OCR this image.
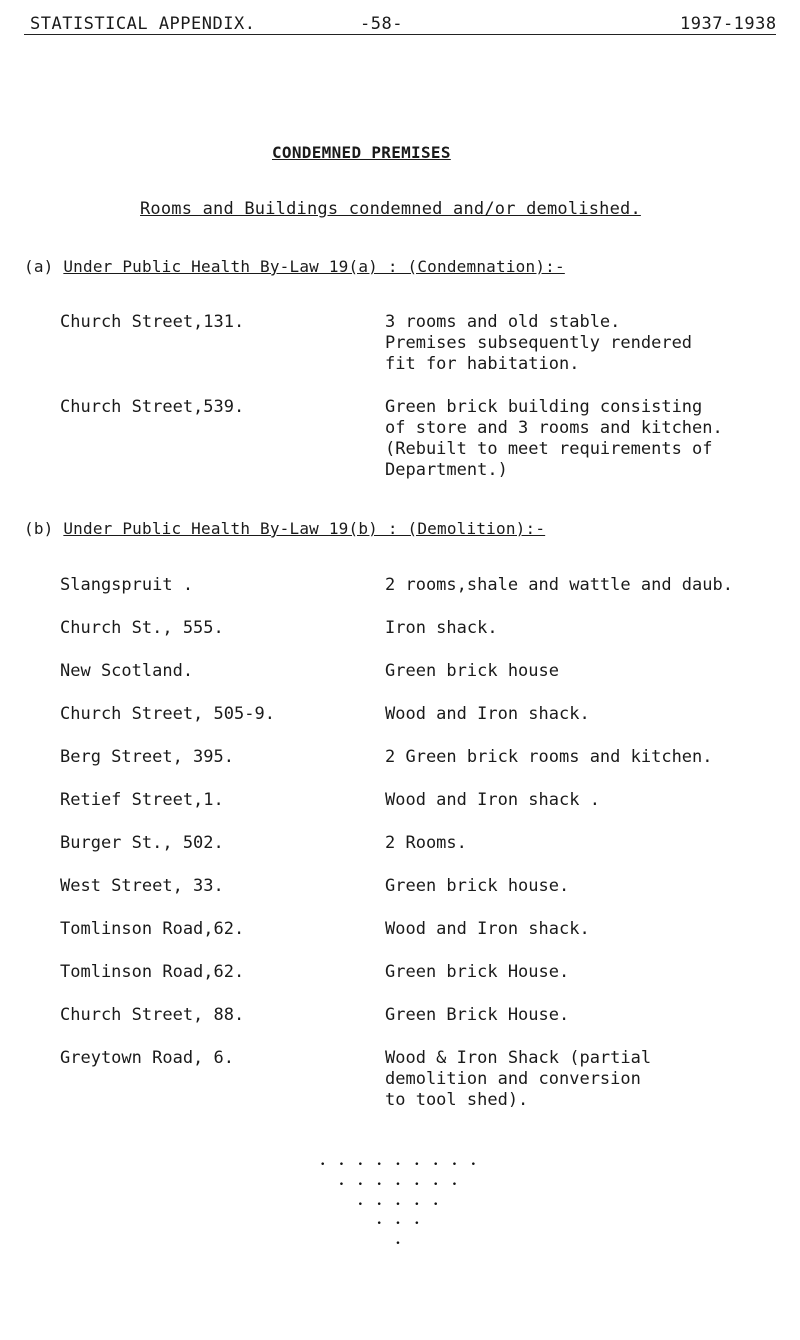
STATISTICAL APPENDIX.	-58-	1937-1938
CONDEMNED PREMISES
Rooms and Buildings condemned and/or demolished.
(a) Under Public Health By-Law 19(a) : (Condemnation):-
Church Street,131.	3 rooms and old stable.
Premises subsequently rendered
fit for habitation.
Church Street,539.	Green brick building consisting
of store and 3 rooms and kitchen.
(Rebuilt to meet requirements of
Department.)
(b) Under Public Health By-Law 19(b) : (Demolition):-
Slangspruit .	2 rooms,shale and wattle and daub.
Church St., 555.	Iron shack.
New Scotland.	Green brick house
Church Street, 505-9.	Wood and Iron shack.
Berg Street, 395.	2 Green brick rooms and kitchen.
Retief Street,1.	Wood and Iron shack .
Burger St., 502.	2 Rooms.
West Street, 33.	Green brick house.
Tomlinson Road,62.	Wood and Iron shack.
Tomlinson Road,62.	Green brick House.
Church Street, 88.	Green Brick House.
Greytown Road, 6.	Wood & Iron Shack (partial
demolition and conversion
to tool shed).
• • • • • • • • •
• • • • • • •
• • • • •
• • •
•
